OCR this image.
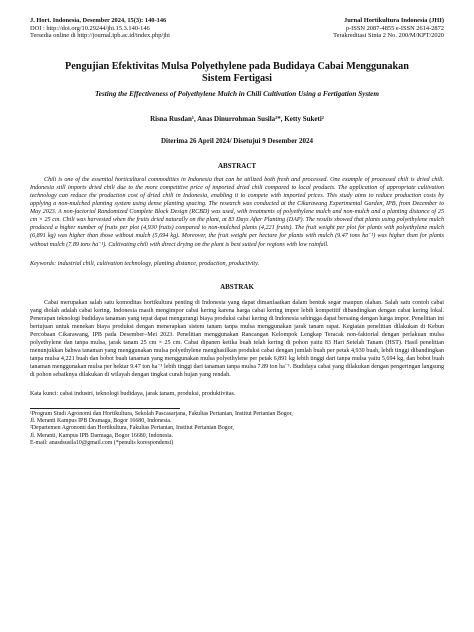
J. Hort. Indonesia, Desember 2024, 15(3): 140-146
DOI : http://doi.org/10.29244/jhi.15.3.140-146
Tersedia online di http://journal.ipb.ac.id/index.php/jhi
Jurnal Hortikultura Indonesia (JHI)
p-ISSN 2087-4855 e-ISSN 2614-2872
Terakreditasi Sinta 2 No. 200/M/KPT/2020
Pengujian Efektivitas Mulsa Polyethylene pada Budidaya Cabai Menggunakan
Sistem Fertigasi
Testing the Effectiveness of Polyethylene Mulch in Chili Cultivation Using a Fertigation System
Risna Rusdan¹, Anas Dinurrohman Susila²*, Ketty Suketi²
Diterima 26 April 2024/ Disetujui 9 Desember 2024
ABSTRACT
Chili is one of the essential horticultural commodities in Indonesia that can be utilized both fresh and processed. One example of processed chili is dried chili. Indonesia still imports dried chili due to the more competitive price of imported dried chili compared to local products. The application of appropriate cultivation technology can reduce the production cost of dried chili in Indonesia, enabling it to compete with imported prices. This study aims to reduce production costs by applying a non-mulched planting system using dense planting spacing. The research was conducted at the Cikarawang Experimental Garden, IPB, from December to May 2023. A non-factorial Randomized Complete Block Design (RCBD) was used, with treatments of polyethylene mulch and non-mulch and a planting distance of 25 cm × 25 cm. Chili was harvested when the fruits dried naturally on the plant, at 83 Days After Planting (DAP). The results showed that plants using polyethylene mulch produced a higher number of fruits per plot (4,930 fruits) compared to non-mulched plants (4,221 fruits). The fruit weight per plot for plants with polyethylene mulch (6,891 kg) was higher than those without mulch (5,694 kg). Moreover, the fruit weight per hectare for plants with mulch (9.47 tons ha⁻¹) was higher than for plants without mulch (7.89 tons ha⁻¹). Cultivating chili with direct drying on the plant is best suited for regions with low rainfall.
Keywords: industrial chili, cultivation technology, planting distance, production, productivity.
ABSTRAK
Cabai merupakan salah satu komoditas hortikultura penting di Indonesia yang dapat dimanfaatkan dalam bentuk segar maupun olahan. Salah satu contoh cabai yang diolah adalah cabai kering. Indonesia masih mengimpor cabai kering karena harga cabai kering impor lebih kompetitif dibandingkan dengan cabai kering lokal. Penerapan teknologi budidaya tanaman yang tepat dapat mengurangi biaya produksi cabai kering di Indonesia sehingga dapat bersaing dengan harga impor. Penelitian ini bertujuan untuk menekan biaya produksi dengan menerapkan sistem tanam tanpa mulsa menggunakan jarak tanam rapat. Kegiatan penelitian dilakukan di Kebun Percobaan Cikarawang, IPB pada Desember–Mei 2023. Penelitian menggunakan Rancangan Kelompok Lengkap Teracak non-faktorial dengan perlakuan mulsa polyethylene dan tanpa mulsa, jarak tanam 25 cm × 25 cm. Cabai dipanen ketika buah telah kering di pohon yaitu 83 Hari Setelah Tanam (HST). Hasil penelitian menunjukkan bahwa tanaman yang menggunakan mulsa polyethylene menghasilkan produksi cabai dengan jumlah buah per petak 4,930 buah, lebih tinggi dibandingkan tanpa mulsa 4,221 buah dan bobot buah tanaman yang menggunakan mulsa polyethylene per petak 6,891 kg lebih tinggi dari tanpa mulsa yaitu 5,694 kg, dan bobot buah tanaman menggunakan mulsa per hektar 9.47 ton ha⁻¹ lebih tinggi dari tanaman tanpa mulsa 7.89 ton ha⁻¹. Budidaya cabai yang dilakukan dengan pengeringan langsung di pohon sebaiknya dilakukan di wilayah dengan tingkat curah hujan yang rendah.
Kata kunci: cabai industri, teknologi budidaya, jarak tanam, produksi, produktivitas.
¹Program Studi Agronomi dan Hortikultura, Sekolah Pascasarjana, Fakultas Pertanian, Institut Pertanian Bogor,
Jl. Meranti Kampus IPB Dramaga, Bogor 16680, Indonesia.
²Departemen Agronomi dan Hortikultura, Fakultas Pertanian, Institut Pertanian Bogor,
Jl. Meranti, Kampus IPB Darmaga, Bogor 16680, Indonesia.
E-mail: anasdsusila10@gmail.com (*penulis korespondensi)
